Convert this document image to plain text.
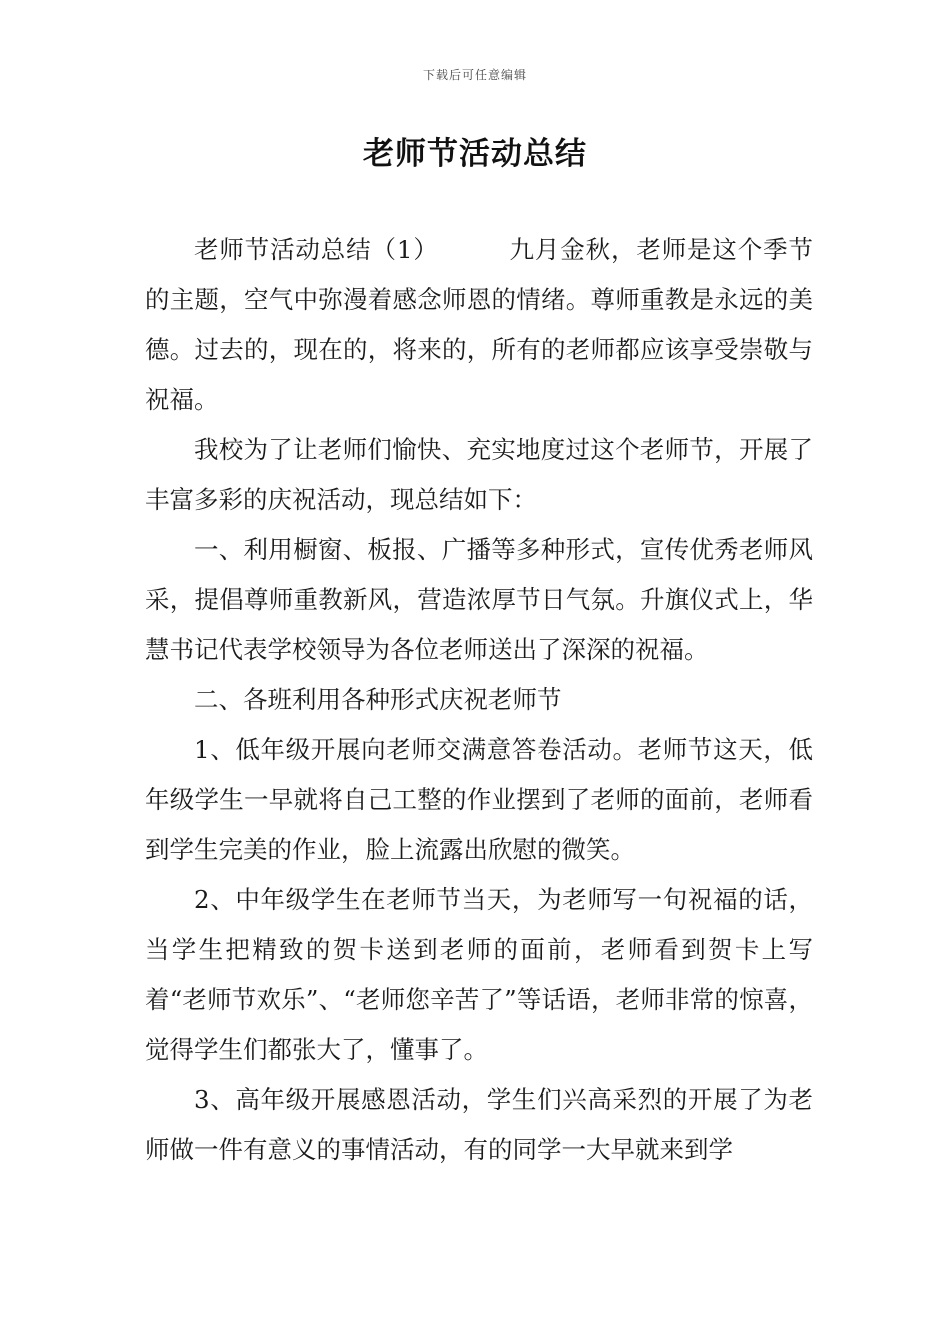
下载后可任意编辑
老师节活动总结

老师节活动总结（1）	九月金秋，老师是这个季节的主题，空气中弥漫着感念师恩的情绪。尊师重教是永远的美德。过去的，现在的，将来的，所有的老师都应该享受崇敬与祝福。

我校为了让老师们愉快、充实地度过这个老师节，开展了丰富多彩的庆祝活动，现总结如下：

一、利用橱窗、板报、广播等多种形式，宣传优秀老师风采，提倡尊师重教新风，营造浓厚节日气氛。升旗仪式上，华慧书记代表学校领导为各位老师送出了深深的祝福。

二、各班利用各种形式庆祝老师节

1、低年级开展向老师交满意答卷活动。老师节这天，低年级学生一早就将自己工整的作业摆到了老师的面前，老师看到学生完美的作业，脸上流露出欣慰的微笑。

2、中年级学生在老师节当天，为老师写一句祝福的话，当学生把精致的贺卡送到老师的面前，老师看到贺卡上写着“老师节欢乐”、“老师您辛苦了”等话语，老师非常的惊喜，觉得学生们都张大了，懂事了。

3、高年级开展感恩活动，学生们兴高采烈的开展了为老师做一件有意义的事情活动，有的同学一大早就来到学
